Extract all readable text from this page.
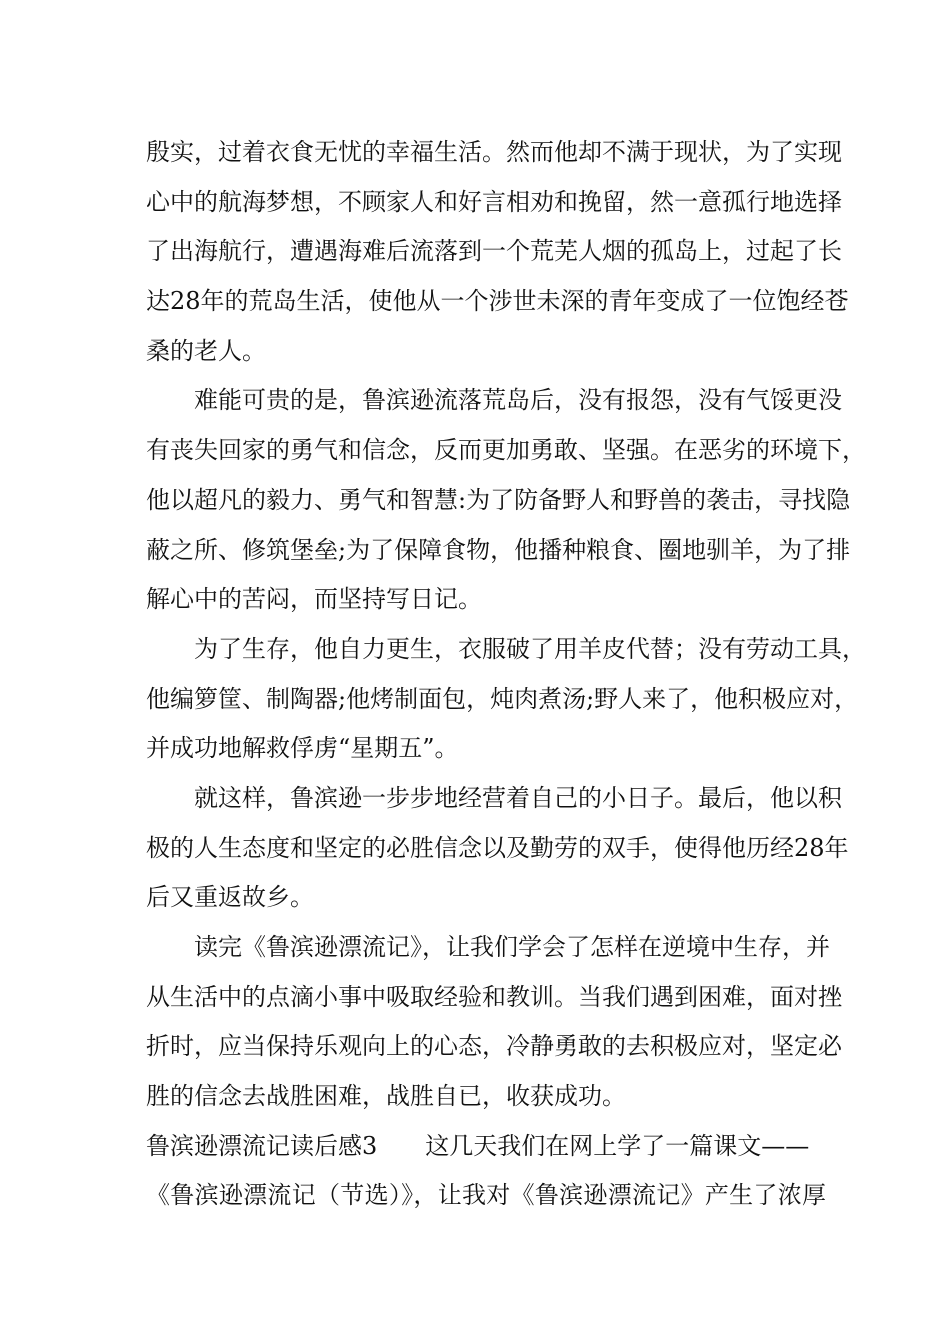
殷实，过着衣食无忧的幸福生活。然而他却不满于现状，为了实现
心中的航海梦想，不顾家人和好言相劝和挽留，然一意孤行地选择
了出海航行，遭遇海难后流落到一个荒芜人烟的孤岛上，过起了长
达28年的荒岛生活，使他从一个涉世未深的青年变成了一位饱经苍
桑的老人。
难能可贵的是，鲁滨逊流落荒岛后，没有报怨，没有气馁更没
有丧失回家的勇气和信念，反而更加勇敢、坚强。在恶劣的环境下，
他以超凡的毅力、勇气和智慧:为了防备野人和野兽的袭击，寻找隐
蔽之所、修筑堡垒;为了保障食物，他播种粮食、圈地驯羊，为了排
解心中的苦闷，而坚持写日记。
为了生存，他自力更生，衣服破了用羊皮代替；没有劳动工具，
他编箩筐、制陶器;他烤制面包，炖肉煮汤;野人来了，他积极应对，
并成功地解救俘虏“星期五”。
就这样，鲁滨逊一步步地经营着自己的小日子。最后，他以积
极的人生态度和坚定的必胜信念以及勤劳的双手，使得他历经28年
后又重返故乡。
读完《鲁滨逊漂流记》，让我们学会了怎样在逆境中生存，并
从生活中的点滴小事中吸取经验和教训。当我们遇到困难，面对挫
折时，应当保持乐观向上的心态，冷静勇敢的去积极应对，坚定必
胜的信念去战胜困难，战胜自已，收获成功。
鲁滨逊漂流记读后感3 这几天我们在网上学了一篇课文——
《鲁滨逊漂流记（节选）》，让我对《鲁滨逊漂流记》产生了浓厚
